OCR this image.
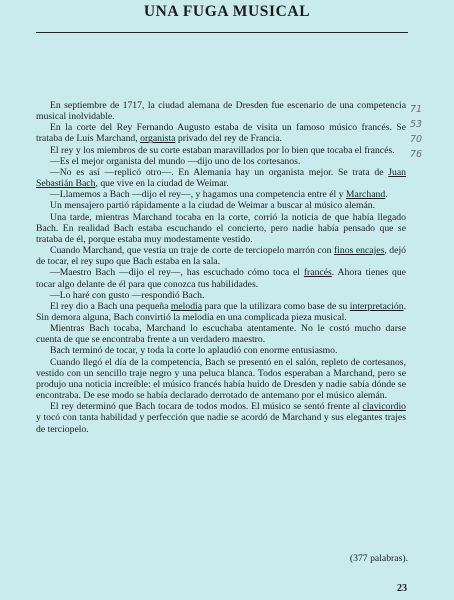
UNA FUGA MUSICAL

En septiembre de 1717, la ciudad alemana de Dresden fue escenario de una competencia musical inolvidable.

En la corte del Rey Fernando Augusto estaba de visita un famoso músico francés. Se trataba de Luis Marchand, organista privado del rey de Francia.

El rey y los miembros de su corte estaban maravillados por lo bien que tocaba el francés.

—Es el mejor organista del mundo —dijo uno de los cortesanos.

—No es así —replicó otro—. En Alemania hay un organista mejor. Se trata de Juan Sebastián Bach, que vive en la ciudad de Weimar.

—Llamemos a Bach —dijo el rey—, y hagamos una competencia entre él y Marchand.

Un mensajero partió rápidamente a la ciudad de Weimar a buscar al músico alemán.

Una tarde, mientras Marchand tocaba en la corte, corrió la noticia de que había llegado Bach. En realidad Bach estaba escuchando el concierto, pero nadie había pensado que se trataba de él, porque estaba muy modestamente vestido.

Cuando Marchand, que vestía un traje de corte de terciopelo marrón con finos encajes, dejó de tocar, el rey supo que Bach estaba en la sala.

—Maestro Bach —dijo el rey—, has escuchado cómo toca el francés. Ahora tienes que tocar algo delante de él para que conozca tus habilidades.

—Lo haré con gusto —respondió Bach.

El rey dio a Bach una pequeña melodía para que la utilizara como base de su interpretación. Sin demora alguna, Bach convirtió la melodía en una complicada pieza musical.

Mientras Bach tocaba, Marchand lo escuchaba atentamente. No le costó mucho darse cuenta de que se encontraba frente a un verdadero maestro.

Bach terminó de tocar, y toda la corte lo aplaudió con enorme entusiasmo.

Cuando llegó el día de la competencia, Bach se presentó en el salón, repleto de cortesanos, vestido con un sencillo traje negro y una peluca blanca. Todos esperaban a Marchand, pero se produjo una noticia increíble: el músico francés había huido de Dresden y nadie sabía dónde se encontraba. De ese modo se había declarado derrotado de antemano por el músico alemán.

El rey determinó que Bach tocara de todos modos. El músico se sentó frente al clavicordio y tocó con tanta habilidad y perfección que nadie se acordó de Marchand y sus elegantes trajes de terciopelo.

(377 palabras).
23
71
53
70
76
